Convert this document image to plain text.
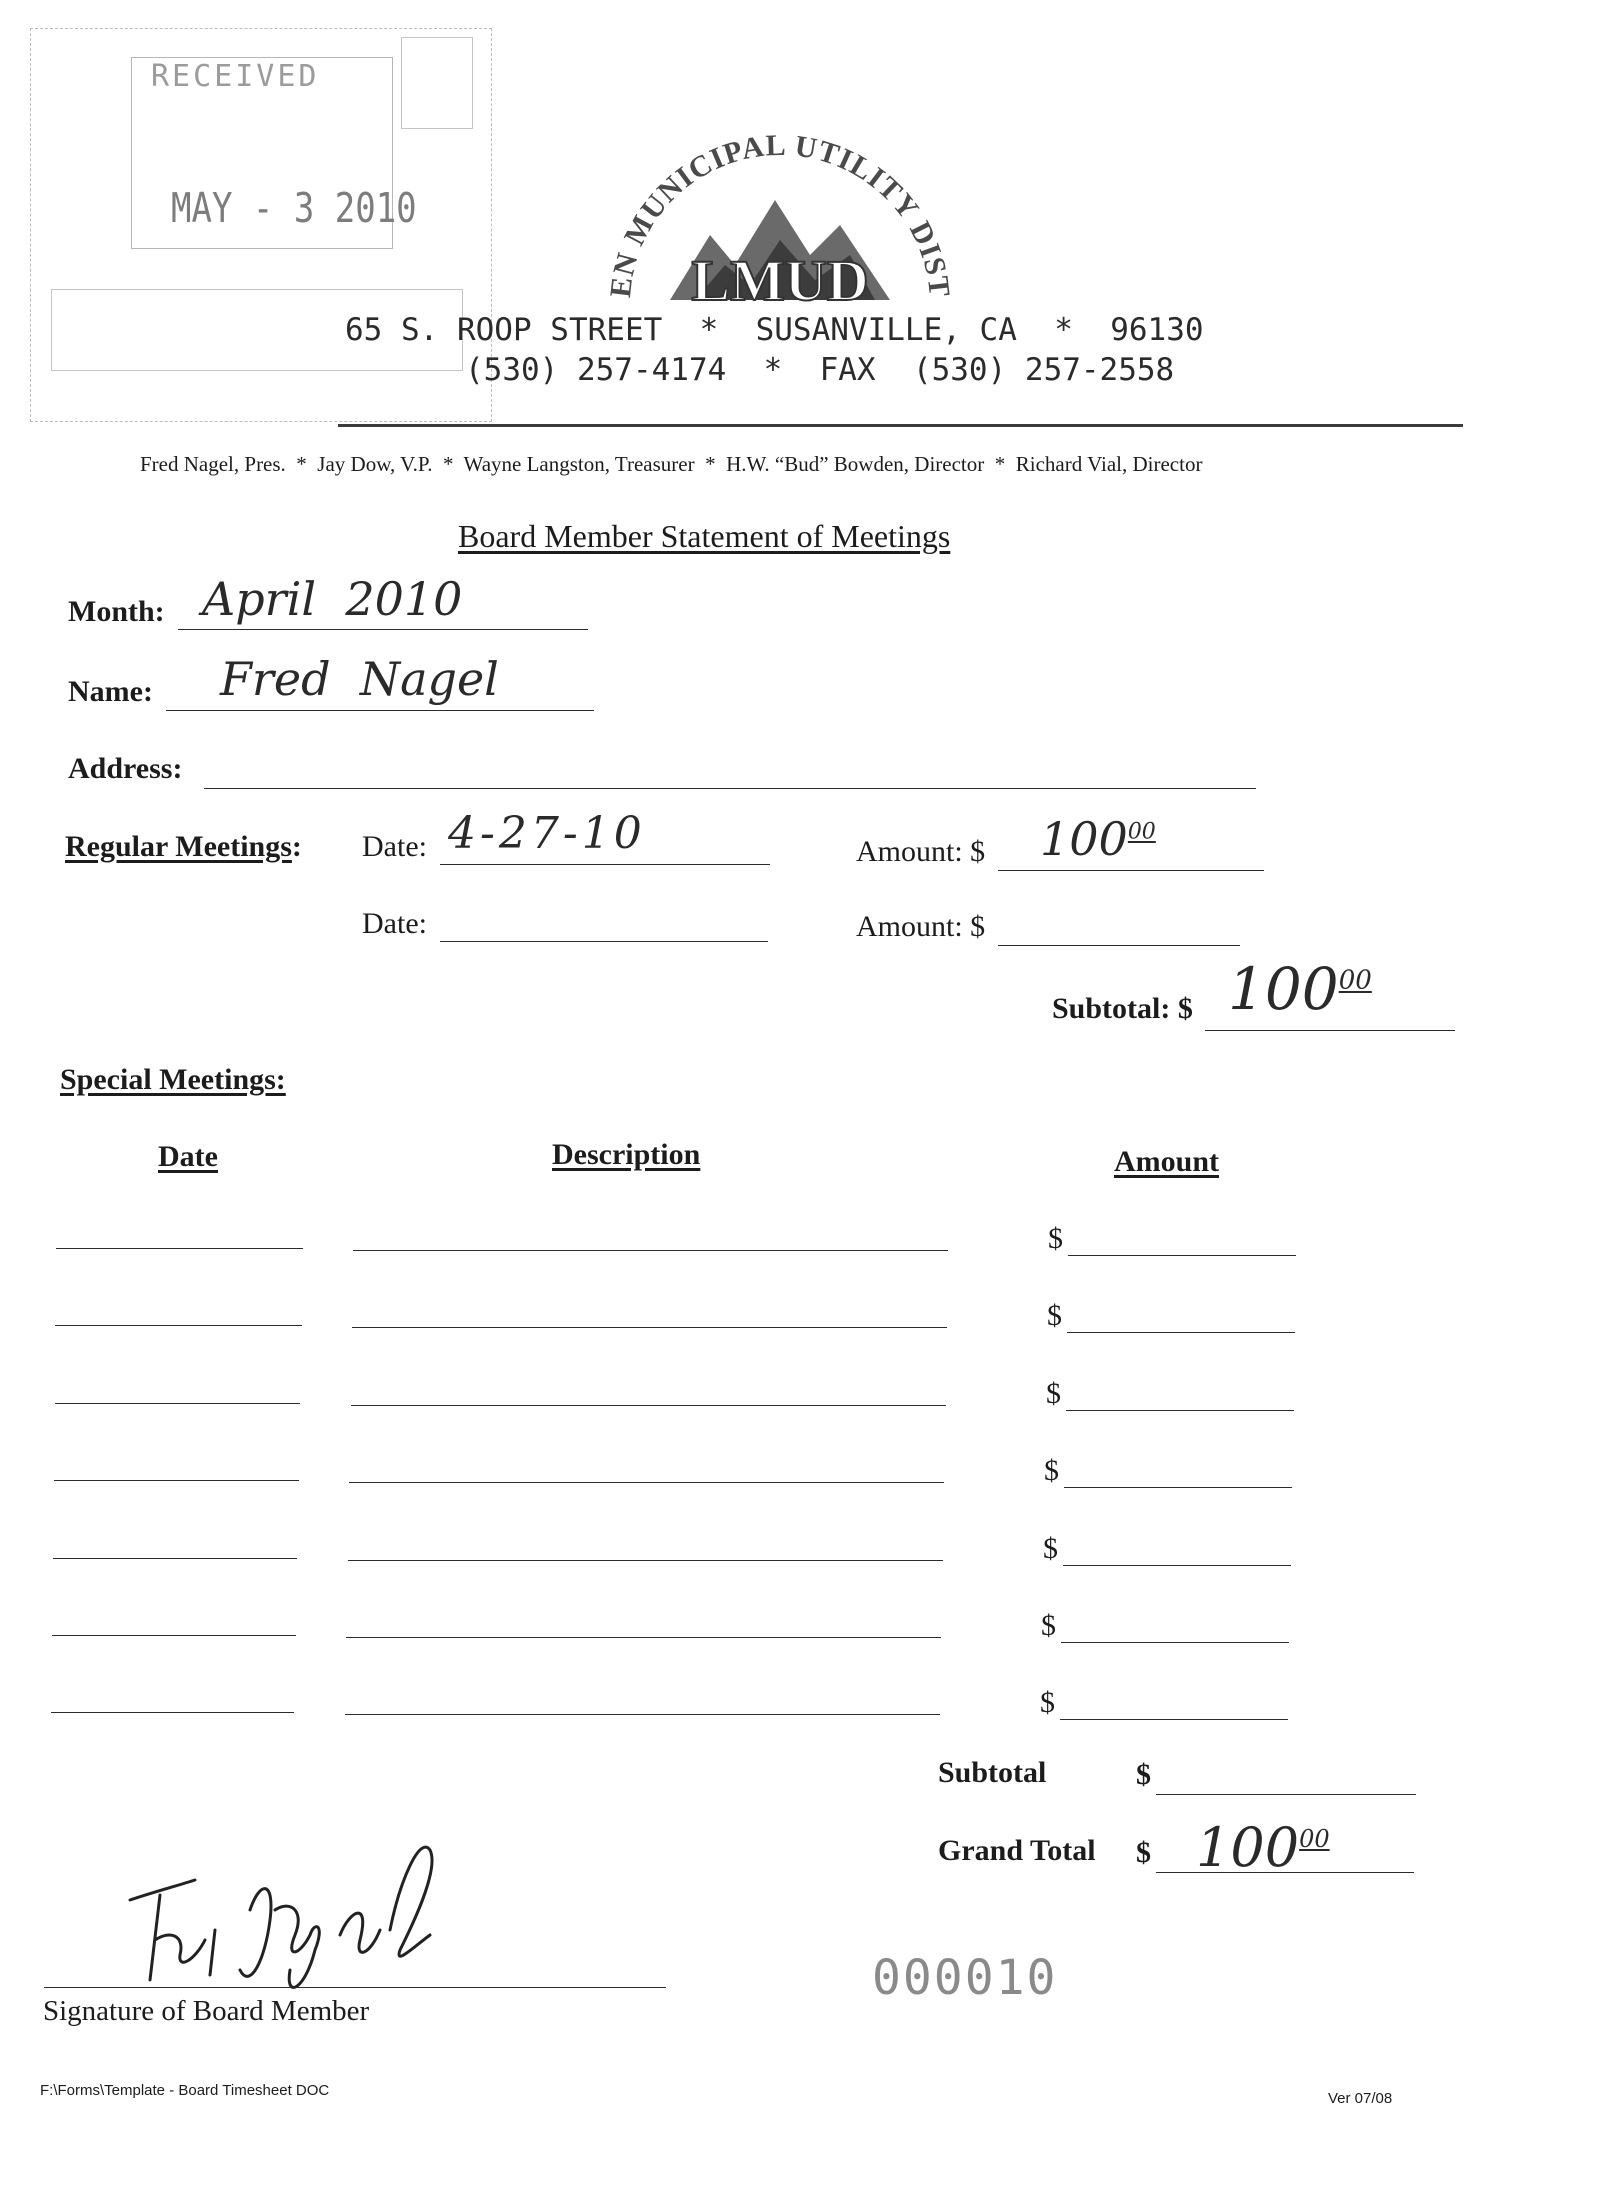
RECEIVED
MAY - 3 2010
EN MUNICIPAL UTILITY DIST
LMUD
65 S. ROOP STREET  *  SUSANVILLE, CA  *  96130
(530) 257-4174  *  FAX  (530) 257-2558
Fred Nagel, Pres.  *  Jay Dow, V.P.  *  Wayne Langston, Treasurer  *  H.W. “Bud” Bowden, Director  *  Richard Vial, Director
Board Member Statement of Meetings
Month: April  2010
Name: Fred  Nagel
Address:
Regular Meetings: Date: 4-27-10	Amount: $ $100^{00}$
Date:	Amount: $
Subtotal: $ $100^{00}$
Special Meetings:
Date	Description	Amount
$
$
$
$
$
$
$
Subtotal	$
Grand Total $ $100^{00}$
Signature of Board Member
000010
F:\Forms\Template - Board Timesheet DOC	Ver 07/08
